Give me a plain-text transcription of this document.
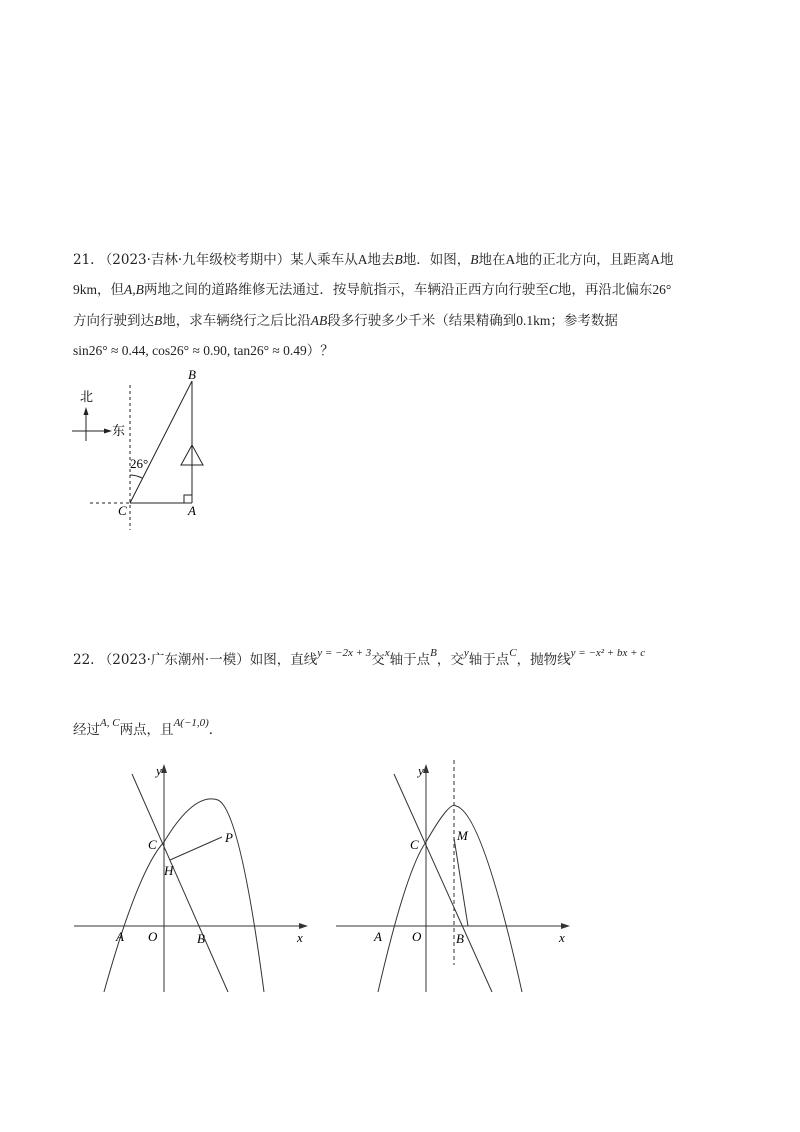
21. （2023·吉林·九年级校考期中）某人乘车从A地去B地．如图，B地在A地的正北方向，且距离A地
9km，但A,B两地之间的道路维修无法通过．按导航指示，车辆沿正西方向行驶至C地，再沿北偏东26°
方向行驶到达B地，求车辆绕行之后比沿AB段多行驶多少千米（结果精确到0.1km；参考数据
sin26° ≈ 0.44, cos26° ≈ 0.90, tan26° ≈ 0.49）？
北
东
26°
B
C	A
22. （2023·广东潮州·一模）如图，直线$^{y = -2x + 3}$交$^x$轴于点$^B$，交$^y$轴于点$^C$，抛物线$^{y = -x^2 + bx + c}$
经过$^{A, C}$两点，且$^{A(-1,0)}$．
y
x
C	P
H
A O	B
y
x
C
M
A O	B
